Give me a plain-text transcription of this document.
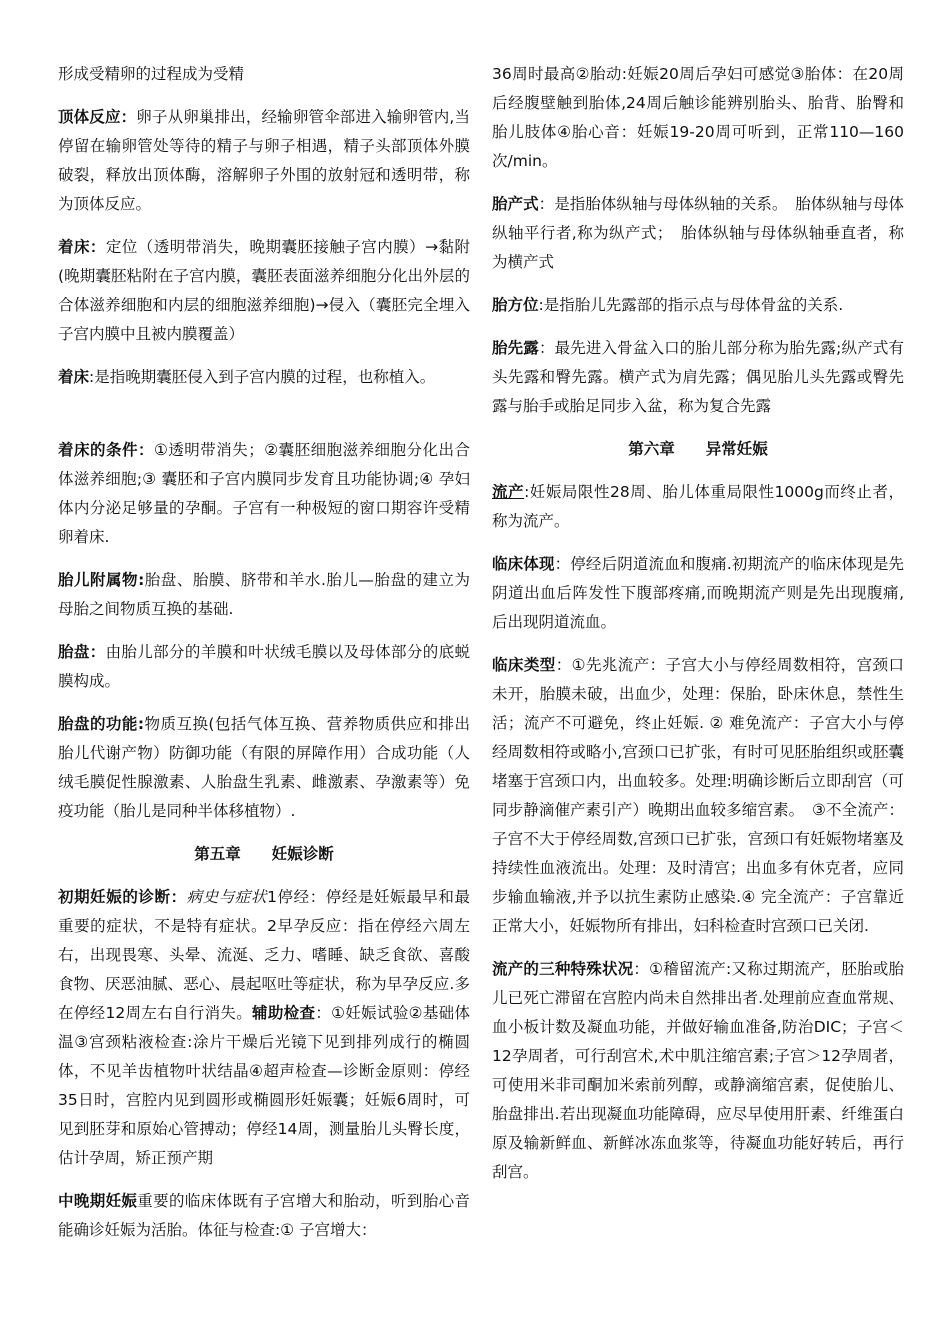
形成受精卵的过程成为受精

顶体反应：卵子从卵巢排出，经输卵管伞部进入输卵管内,当停留在输卵管处等待的精子与卵子相遇，精子头部顶体外膜破裂，释放出顶体酶，溶解卵子外围的放射冠和透明带，称为顶体反应。

着床：定位（透明带消失，晚期囊胚接触子宫内膜）→黏附(晚期囊胚粘附在子宫内膜，囊胚表面滋养细胞分化出外层的合体滋养细胞和内层的细胞滋养细胞)→侵入（囊胚完全埋入子宫内膜中且被内膜覆盖）

着床:是指晚期囊胚侵入到子宫内膜的过程，也称植入。

着床的条件：①透明带消失；②囊胚细胞滋养细胞分化出合体滋养细胞;③ 囊胚和子宫内膜同步发育且功能协调;④ 孕妇体内分泌足够量的孕酮。子宫有一种极短的窗口期容许受精卵着床.

胎儿附属物:胎盘、胎膜、脐带和羊水.胎儿—胎盘的建立为母胎之间物质互换的基础.

胎盘：由胎儿部分的羊膜和叶状绒毛膜以及母体部分的底蜕膜构成。

胎盘的功能:物质互换(包括气体互换、营养物质供应和排出胎儿代谢产物）防御功能（有限的屏障作用）合成功能（人绒毛膜促性腺激素、人胎盘生乳素、雌激素、孕激素等）免疫功能（胎儿是同种半体移植物）.

第五章　　妊娠诊断

初期妊娠的诊断：病史与症状1停经：停经是妊娠最早和最重要的症状，不是特有症状。2早孕反应：指在停经六周左右，出现畏寒、头晕、流涎、乏力、嗜睡、缺乏食欲、喜酸食物、厌恶油腻、恶心、晨起呕吐等症状，称为早孕反应.多在停经12周左右自行消失。辅助检查：①妊娠试验②基础体温③宫颈粘液检查:涂片干燥后光镜下见到排列成行的椭圆体，不见羊齿植物叶状结晶④超声检查—诊断金原则：停经35日时，宫腔内见到圆形或椭圆形妊娠囊；妊娠6周时，可见到胚芽和原始心管搏动；停经14周，测量胎儿头臀长度，估计孕周，矫正预产期

中晚期妊娠重要的临床体既有子宫增大和胎动，听到胎心音能确诊妊娠为活胎。体征与检查:① 子宫增大：

36周时最高②胎动:妊娠20周后孕妇可感觉③胎体：在20周后经腹壁触到胎体,24周后触诊能辨别胎头、胎背、胎臀和胎儿肢体④胎心音：妊娠19-20周可听到，正常110—160次/min。

胎产式：是指胎体纵轴与母体纵轴的关系。　胎体纵轴与母体纵轴平行者,称为纵产式；　胎体纵轴与母体纵轴垂直者，称为横产式

胎方位:是指胎儿先露部的指示点与母体骨盆的关系.

胎先露：最先进入骨盆入口的胎儿部分称为胎先露;纵产式有头先露和臀先露。横产式为肩先露；偶见胎儿头先露或臀先露与胎手或胎足同步入盆，称为复合先露

第六章　　异常妊娠

流产:妊娠局限性28周、胎儿体重局限性1000g而终止者，称为流产。

临床体现：停经后阴道流血和腹痛.初期流产的临床体现是先阴道出血后阵发性下腹部疼痛,而晚期流产则是先出现腹痛,后出现阴道流血。

临床类型：①先兆流产：子宫大小与停经周数相符，宫颈口未开，胎膜未破，出血少，处理：保胎，卧床休息，禁性生活；流产不可避免，终止妊娠. ② 难免流产：子宫大小与停经周数相符或略小,宫颈口已扩张，有时可见胚胎组织或胚囊堵塞于宫颈口内，出血较多。处理:明确诊断后立即刮宫（可同步静滴催产素引产）晚期出血较多缩宫素。　③不全流产：子宫不大于停经周数,宫颈口已扩张，宫颈口有妊娠物堵塞及持续性血液流出。处理：及时清宫；出血多有休克者，应同步输血输液,并予以抗生素防止感染.④ 完全流产：子宫靠近正常大小，妊娠物所有排出，妇科检查时宫颈口已关闭.

流产的三种特殊状况：①稽留流产:又称过期流产，胚胎或胎儿已死亡滞留在宫腔内尚未自然排出者.处理前应查血常规、血小板计数及凝血功能，并做好输血准备,防治DIC；子宫＜12孕周者，可行刮宫术,术中肌注缩宫素;子宫＞12孕周者，可使用米非司酮加米索前列醇，或静滴缩宫素，促使胎儿、胎盘排出.若出现凝血功能障碍，应尽早使用肝素、纤维蛋白原及输新鲜血、新鲜冰冻血浆等，待凝血功能好转后，再行刮宫。
